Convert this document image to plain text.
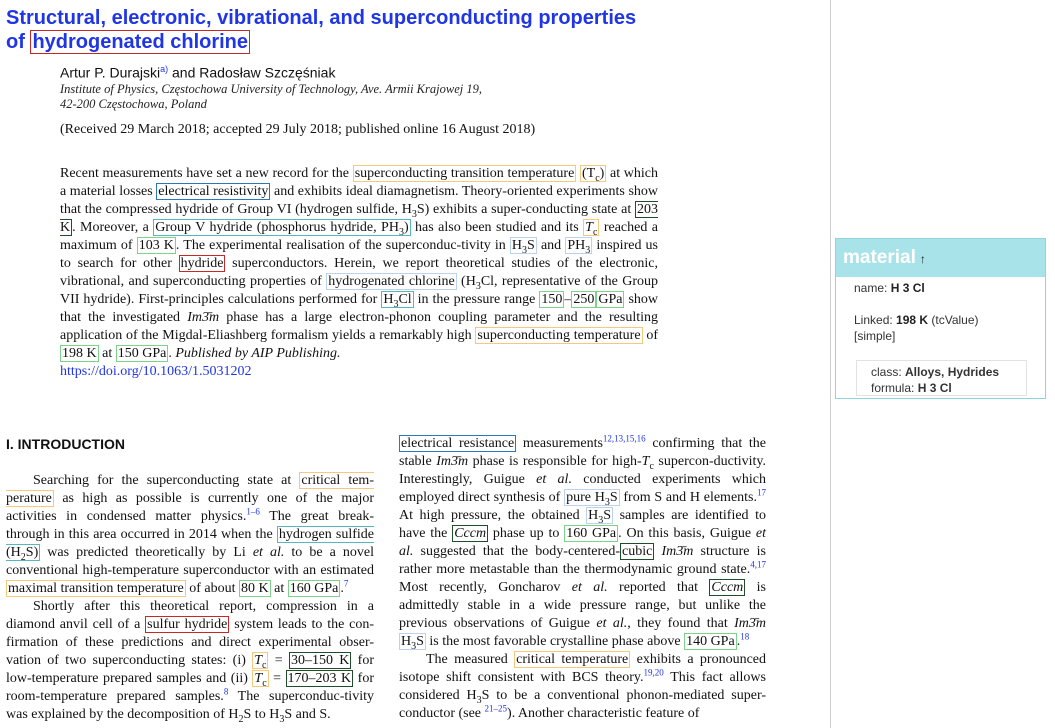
Structural, electronic, vibrational, and superconducting properties of hydrogenated chlorine
Artur P. Durajski$^{a)}$ and Radosław Szczęśniak
Institute of Physics, Częstochowa University of Technology, Ave. Armii Krajowej 19,
42-200 Częstochowa, Poland
(Received 29 March 2018; accepted 29 July 2018; published online 16 August 2018)
Recent measurements have set a new record for the superconducting transition temperature $(T_c)$ at which a material losses electrical resistivity and exhibits ideal diamagnetism. Theory-oriented experiments show that the compressed hydride of Group VI (hydrogen sulfide, $H_3S$) exhibits a super-conducting state at 203 K . Moreover, a Group V hydride (phosphorus hydride, $PH_3$) has also been studied and its $T_c$ reached a maximum of 103 K . The experimental realisation of the superconduc-tivity in $H_3S$ and $PH_3$ inspired us to search for other hydride superconductors. Herein, we report theoretical studies of the electronic, vibrational, and superconducting properties of hydrogenated chlorine ($H_3Cl$, representative of the Group VII hydride). First-principles calculations performed for $H_3Cl$ in the pressure range 150 – 250 GPa show that the investigated Im3̄m phase has a large electron-phonon coupling parameter and the resulting application of the Migdal-Eliashberg formalism yields a remarkably high superconducting temperature of 198 K at 150 GPa . Published by AIP Publishing.
https://doi.org/10.1063/1.5031202
I. INTRODUCTION

Searching for the superconducting state at critical tem-perature as high as possible is currently one of the major activities in condensed matter physics.$^{1-6}$ The great break-through in this area occurred in 2014 when the hydrogen sulfide $(H_2S)$ was predicted theoretically by Li et al. to be a novel conventional high-temperature superconductor with an estimated maximal transition temperature of about 80 K at 160 GPa .$^7$

Shortly after this theoretical report, compression in a diamond anvil cell of a sulfur hydride system leads to the con-firmation of these predictions and direct experimental obser-vation of two superconducting states: (i) $T_c = 30-150$ K for low-temperature prepared samples and (ii) $T_c = 170-203$ K for room-temperature prepared samples.$^8$ The superconduc-tivity was explained by the decomposition of $H_2S$ to $H_3S$ and S.

electrical resistance measurements$^{12,13,15,16}$ confirming that the stable Im3̄m phase is responsible for high-$T_c$ supercon-ductivity. Interestingly, Guigue et al. conducted experiments which employed direct synthesis of pure $H_3S$ from S and H elements.$^{17}$ At high pressure, the obtained $H_3S$ samples are identified to have the Cccm phase up to 160 GPa . On this basis, Guigue et al. suggested that the body-centered- cubic Im3̄m structure is rather more metastable than the thermodynamic ground state.$^{4,17}$ Most recently, Goncharov et al. reported that Cccm is admittedly stable in a wide pressure range, but unlike the previous observations of Guigue et al., they found that Im3̄m $H_3S$ is the most favorable crystalline phase above 140 GPa .$^{18}$

The measured critical temperature exhibits a pronounced isotope shift consistent with BCS theory.$^{19,20}$ This fact allows considered $H_3S$ to be a conventional phonon-mediated super-conductor (see $^{21-25}$). Another characteristic feature of

material ↑
name: H 3 Cl
Linked: 198 K (tcValue)
[simple]
class: Alloys, Hydrides
formula: H 3 Cl
